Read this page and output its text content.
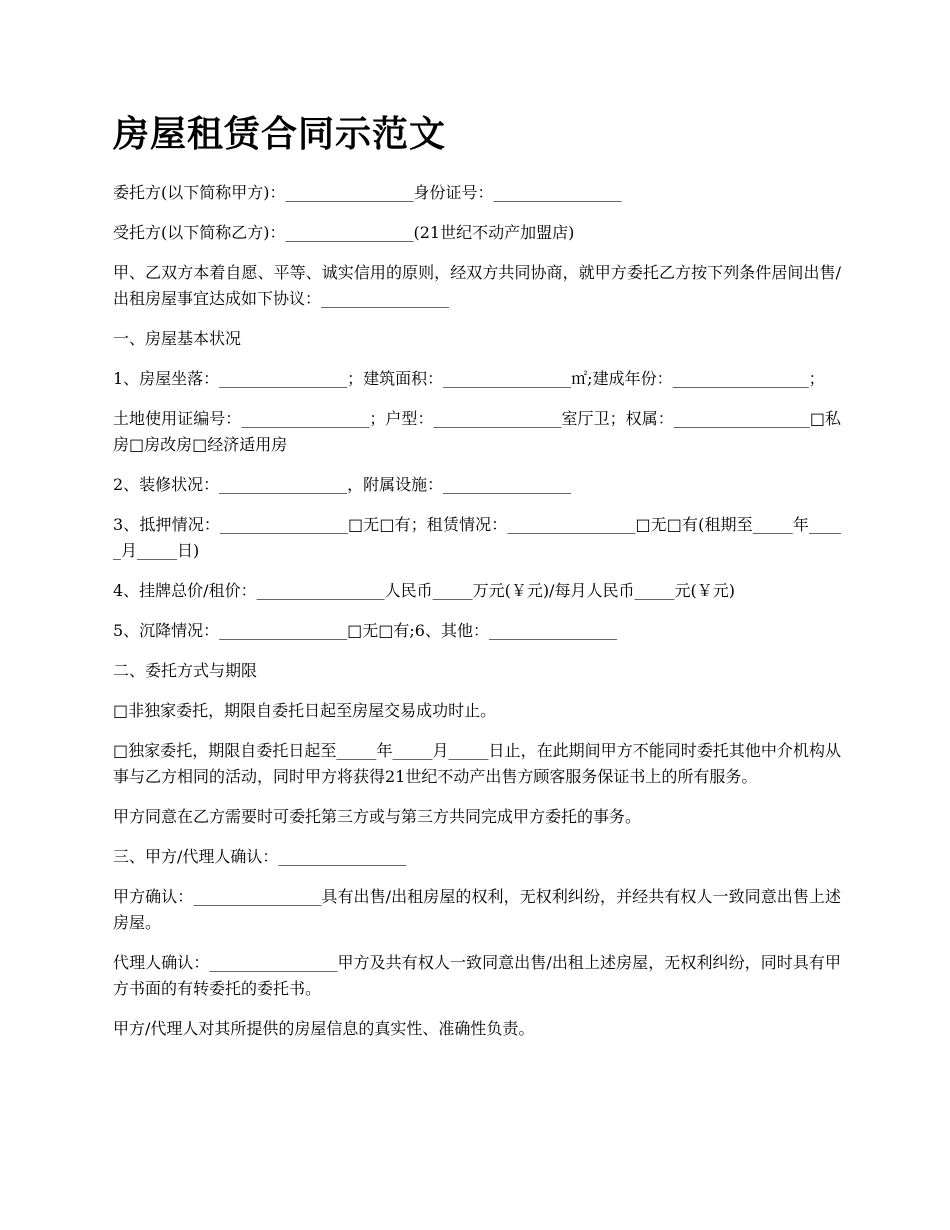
房屋租赁合同示范文

委托方(以下简称甲方)：________________身份证号：________________

受托方(以下简称乙方)：________________(21世纪不动产加盟店)

甲、乙双方本着自愿、平等、诚实信用的原则，经双方共同协商，就甲方委托乙方按下列条件居间出售/出租房屋事宜达成如下协议：________________

一、房屋基本状况

1、房屋坐落：________________；建筑面积：________________㎡;建成年份：_________________；

土地使用证编号：________________；户型：________________室厅卫；权属：_________________□私房□房改房□经济适用房

2、装修状况：________________，附属设施：________________

3、抵押情况：________________□无□有；租赁情况：________________□无□有(租期至_____年_____月_____日)

4、挂牌总价/租价：________________人民币_____万元(￥元)/每月人民币_____元(￥元)

5、沉降情况：________________□无□有;6、其他：________________

二、委托方式与期限

□非独家委托，期限自委托日起至房屋交易成功时止。

□独家委托，期限自委托日起至_____年_____月_____日止，在此期间甲方不能同时委托其他中介机构从事与乙方相同的活动，同时甲方将获得21世纪不动产出售方顾客服务保证书上的所有服务。

甲方同意在乙方需要时可委托第三方或与第三方共同完成甲方委托的事务。

三、甲方/代理人确认：________________

甲方确认：________________具有出售/出租房屋的权利，无权利纠纷，并经共有权人一致同意出售上述房屋。

代理人确认：________________甲方及共有权人一致同意出售/出租上述房屋，无权利纠纷，同时具有甲方书面的有转委托的委托书。

甲方/代理人对其所提供的房屋信息的真实性、准确性负责。
